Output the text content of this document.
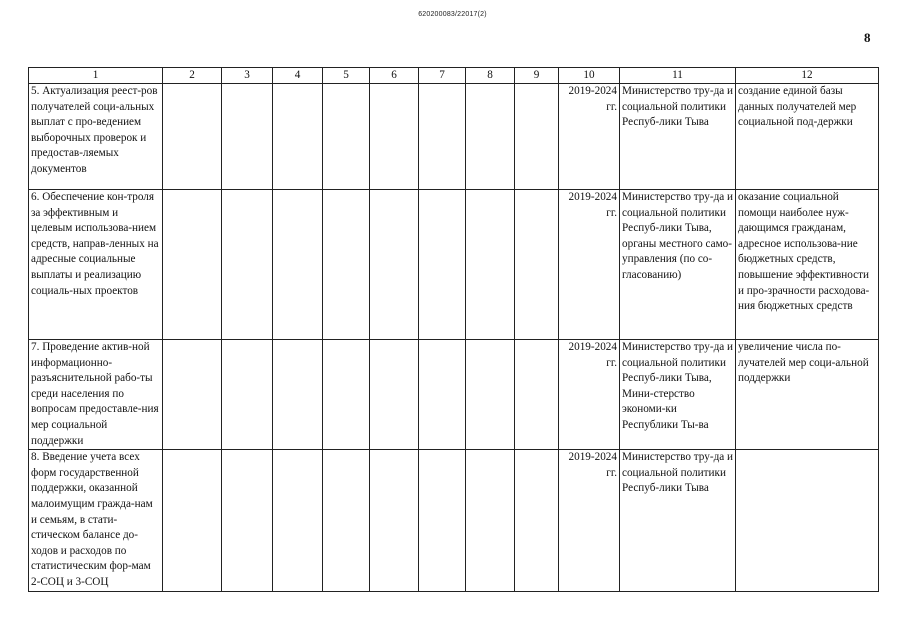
620200083/22017(2)
8
1	2	3	4	5	6	7	8	9	10	11	12
5. Актуализация реест-ров получателей соци-альных выплат с про-ведением выборочных проверок и предостав-ляемых документов									2019-2024 гг.	Министерство тру-да и социальной политики Респуб-лики Тыва	создание единой базы данных получателей мер социальной под-держки
6. Обеспечение кон-троля за эффективным и целевым использова-нием средств, направ-ленных на адресные социальные выплаты и реализацию социаль-ных проектов									2019-2024 гг.	Министерство тру-да и социальной политики Респуб-лики Тыва, органы местного само-управления (по со-гласованию)	оказание социальной помощи наиболее нуж-дающимся гражданам, адресное использова-ние бюджетных средств, повышение эффективности и про-зрачности расходова-ния бюджетных средств
7. Проведение актив-ной информационно-разъяснительной рабо-ты среди населения по вопросам предоставле-ния мер социальной поддержки									2019-2024 гг.	Министерство тру-да и социальной политики Респуб-лики Тыва, Мини-стерство экономи-ки Республики Ты-ва	увеличение числа по-лучателей мер соци-альной поддержки
8. Введение учета всех форм государственной поддержки, оказанной малоимущим гражда-нам и семьям, в стати-стическом балансе до-ходов и расходов по статистическим фор-мам 2-СОЦ и 3-СОЦ									2019-2024 гг.	Министерство тру-да и социальной политики Респуб-лики Тыва	
